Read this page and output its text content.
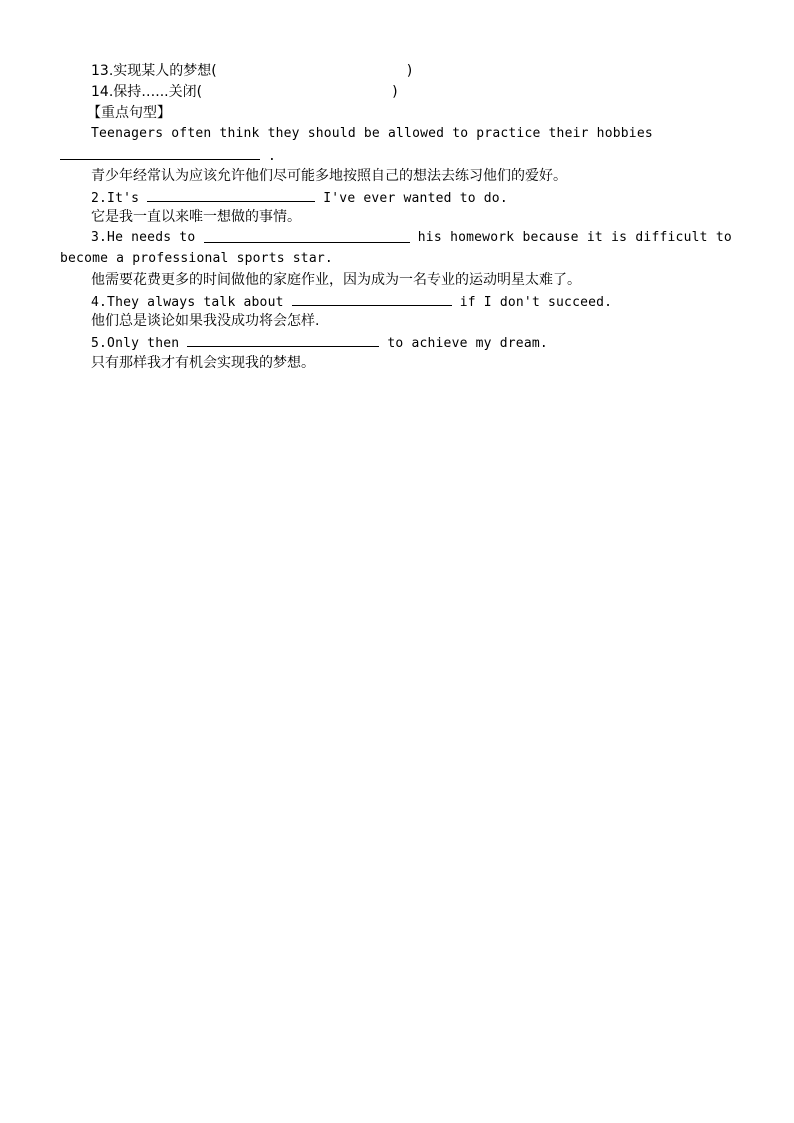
13.实现某人的梦想(	)
14.保持…...关闭(	)
【重点句型】
Teenagers often think they should be allowed to practice their hobbies
.
青少年经常认为应该允许他们尽可能多地按照自己的想法去练习他们的爱好。
2.It's	I've ever wanted to do.
它是我一直以来唯一想做的事情。
3.He needs to	his homework because it is difficult to
become a professional sports star.
他需要花费更多的时间做他的家庭作业，因为成为一名专业的运动明星太难了。
4.They always talk about	if I don't succeed.
他们总是谈论如果我没成功将会怎样.
5.Only then	to achieve my dream.
只有那样我才有机会实现我的梦想。
